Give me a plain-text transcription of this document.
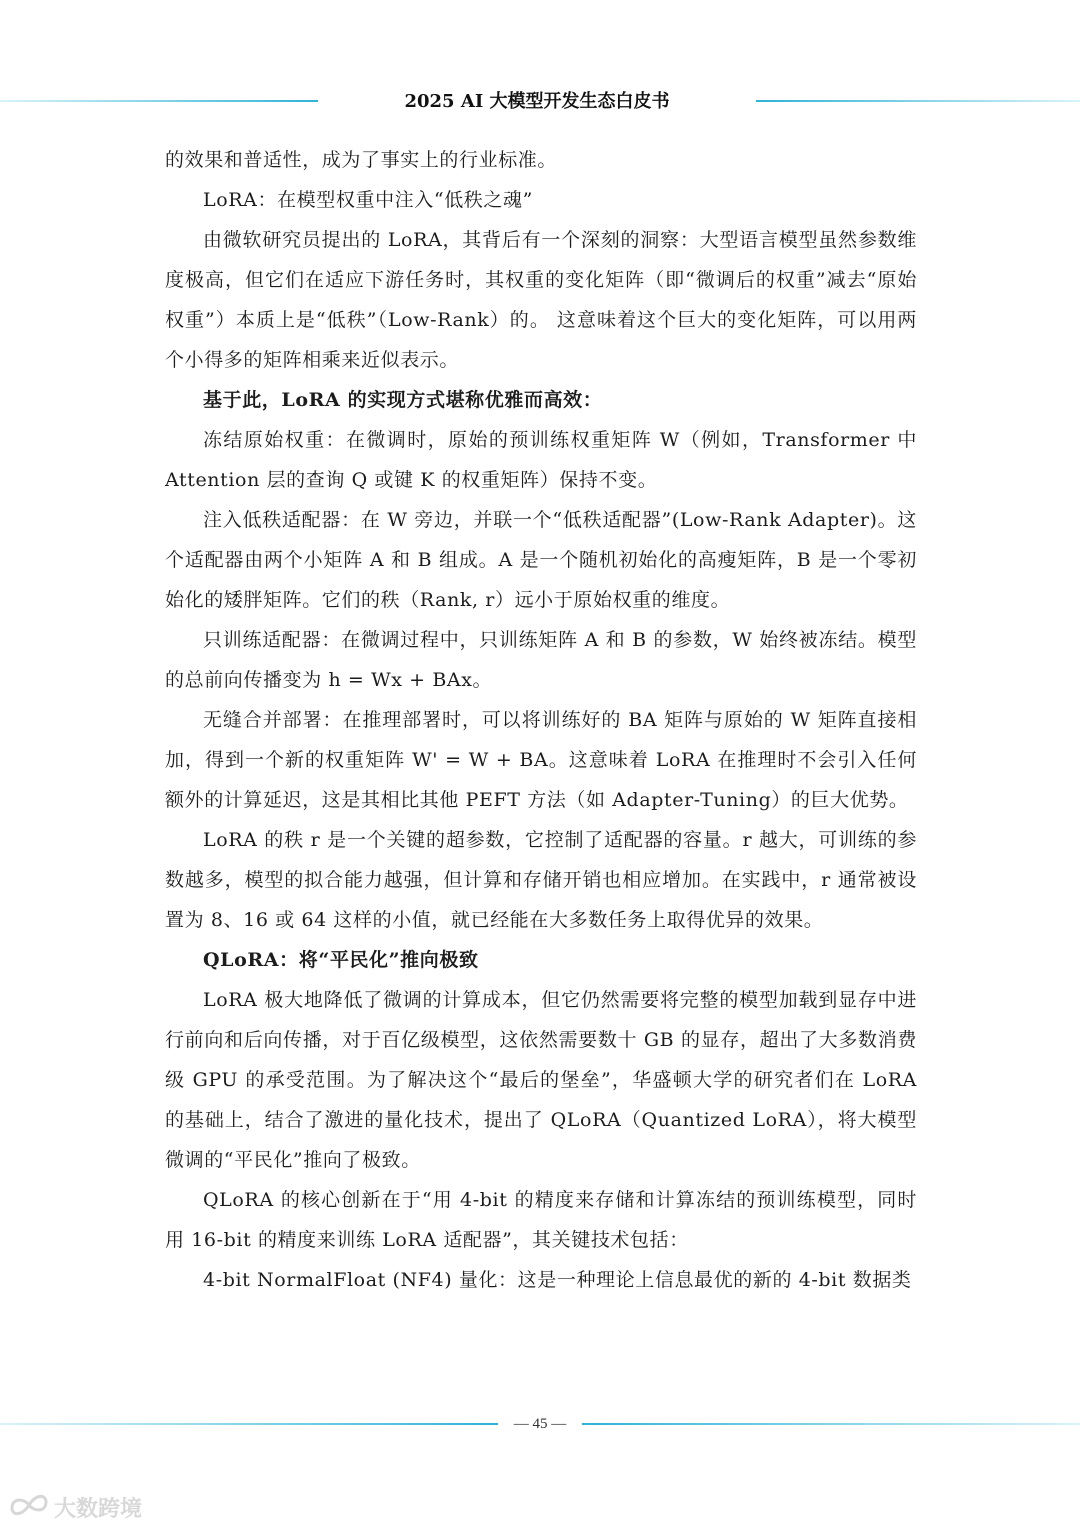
2025 AI 大模型开发生态白皮书

的效果和普适性，成为了事实上的行业标准。

LoRA：在模型权重中注入“低秩之魂”

由微软研究员提出的 LoRA，其背后有一个深刻的洞察：大型语言模型虽然参数维度极高，但它们在适应下游任务时，其权重的变化矩阵（即“微调后的权重”减去“原始权重”）本质上是“低秩”（Low-Rank）的。 这意味着这个巨大的变化矩阵，可以用两个小得多的矩阵相乘来近似表示。

基于此，LoRA 的实现方式堪称优雅而高效：

冻结原始权重：在微调时，原始的预训练权重矩阵 W（例如，Transformer 中 Attention 层的查询 Q 或键 K 的权重矩阵）保持不变。

注入低秩适配器：在 W 旁边，并联一个“低秩适配器”(Low-Rank Adapter)。这个适配器由两个小矩阵 A 和 B 组成。A 是一个随机初始化的高瘦矩阵，B 是一个零初始化的矮胖矩阵。它们的秩（Rank, r）远小于原始权重的维度。

只训练适配器：在微调过程中，只训练矩阵 A 和 B 的参数，W 始终被冻结。模型的总前向传播变为 h = Wx + BAx。

无缝合并部署：在推理部署时，可以将训练好的 BA 矩阵与原始的 W 矩阵直接相加，得到一个新的权重矩阵 W' = W + BA。这意味着 LoRA 在推理时不会引入任何额外的计算延迟，这是其相比其他 PEFT 方法（如 Adapter-Tuning）的巨大优势。

LoRA 的秩 r 是一个关键的超参数，它控制了适配器的容量。r 越大，可训练的参数越多，模型的拟合能力越强，但计算和存储开销也相应增加。在实践中，r 通常被设置为 8、16 或 64 这样的小值，就已经能在大多数任务上取得优异的效果。

QLoRA：将“平民化”推向极致

LoRA 极大地降低了微调的计算成本，但它仍然需要将完整的模型加载到显存中进行前向和后向传播，对于百亿级模型，这依然需要数十 GB 的显存，超出了大多数消费级 GPU 的承受范围。为了解决这个“最后的堡垒”，华盛顿大学的研究者们在 LoRA 的基础上，结合了激进的量化技术，提出了 QLoRA（Quantized LoRA），将大模型微调的“平民化”推向了极致。

QLoRA 的核心创新在于“用 4-bit 的精度来存储和计算冻结的预训练模型，同时用 16-bit 的精度来训练 LoRA 适配器”，其关键技术包括：

4-bit NormalFloat (NF4) 量化：这是一种理论上信息最优的新的 4-bit 数据类

— 45 —
大数跨境
